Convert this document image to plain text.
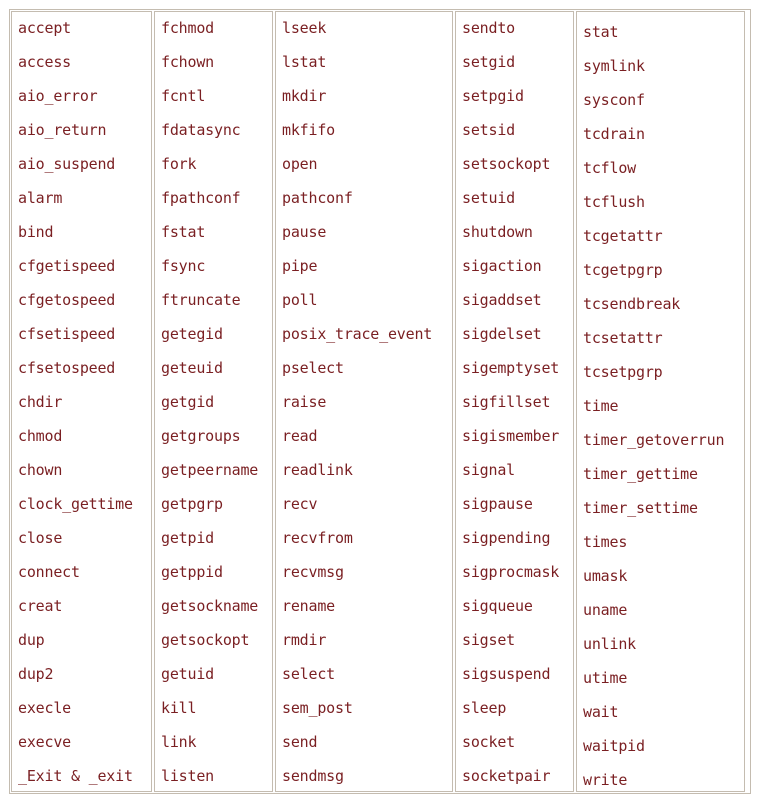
accept
access
aio_error
aio_return
aio_suspend
alarm
bind
cfgetispeed
cfgetospeed
cfsetispeed
cfsetospeed
chdir
chmod
chown
clock_gettime
close
connect
creat
dup
dup2
execle
execve
_Exit & _exit
fchmod
fchown
fcntl
fdatasync
fork
fpathconf
fstat
fsync
ftruncate
getegid
geteuid
getgid
getgroups
getpeername
getpgrp
getpid
getppid
getsockname
getsockopt
getuid
kill
link
listen
lseek
lstat
mkdir
mkfifo
open
pathconf
pause
pipe
poll
posix_trace_event
pselect
raise
read
readlink
recv
recvfrom
recvmsg
rename
rmdir
select
sem_post
send
sendmsg
sendto
setgid
setpgid
setsid
setsockopt
setuid
shutdown
sigaction
sigaddset
sigdelset
sigemptyset
sigfillset
sigismember
signal
sigpause
sigpending
sigprocmask
sigqueue
sigset
sigsuspend
sleep
socket
socketpair
stat
symlink
sysconf
tcdrain
tcflow
tcflush
tcgetattr
tcgetpgrp
tcsendbreak
tcsetattr
tcsetpgrp
time
timer_getoverrun
timer_gettime
timer_settime
times
umask
uname
unlink
utime
wait
waitpid
write
